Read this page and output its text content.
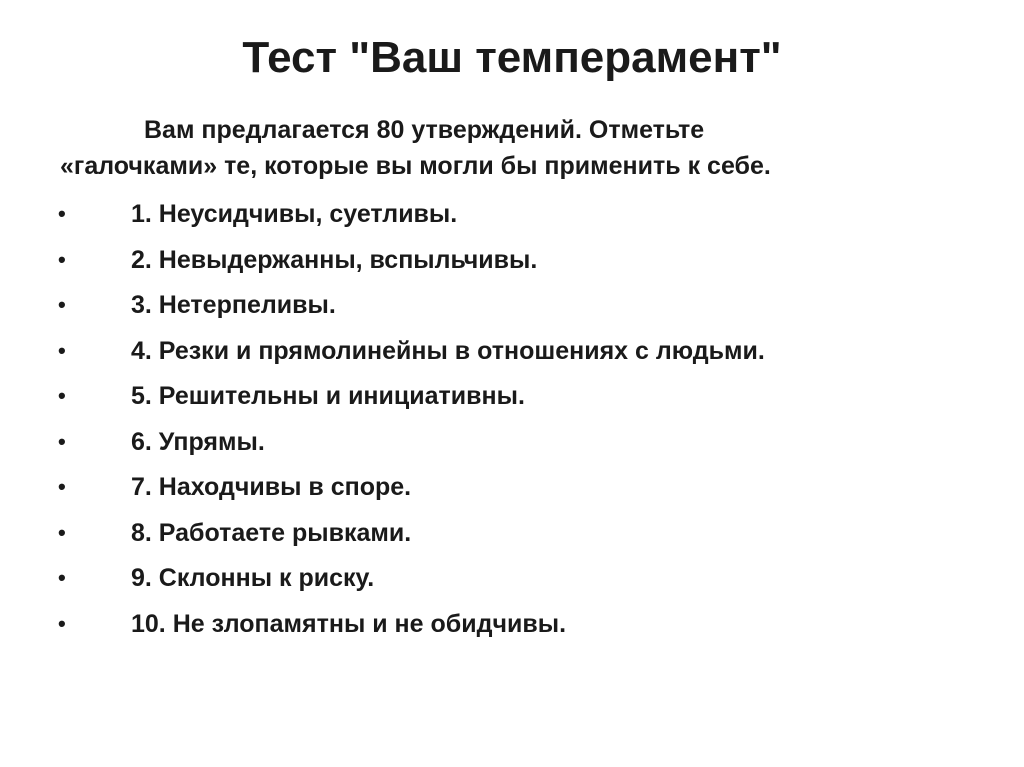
Тест "Ваш темперамент"
Вам предлагается 80 утверждений. Отметьте
«галочками» те, которые вы могли бы применить к себе.
•	1. Неусидчивы, суетливы.
•	2. Невыдержанны, вспыльчивы.
•	3. Нетерпеливы.
•	4. Резки и прямолинейны в отношениях с людьми.
•	5. Решительны и инициативны.
•	6. Упрямы.
•	7. Находчивы в споре.
•	8. Работаете рывками.
•	9. Склонны к риску.
•	10. Не злопамятны и не обидчивы.
